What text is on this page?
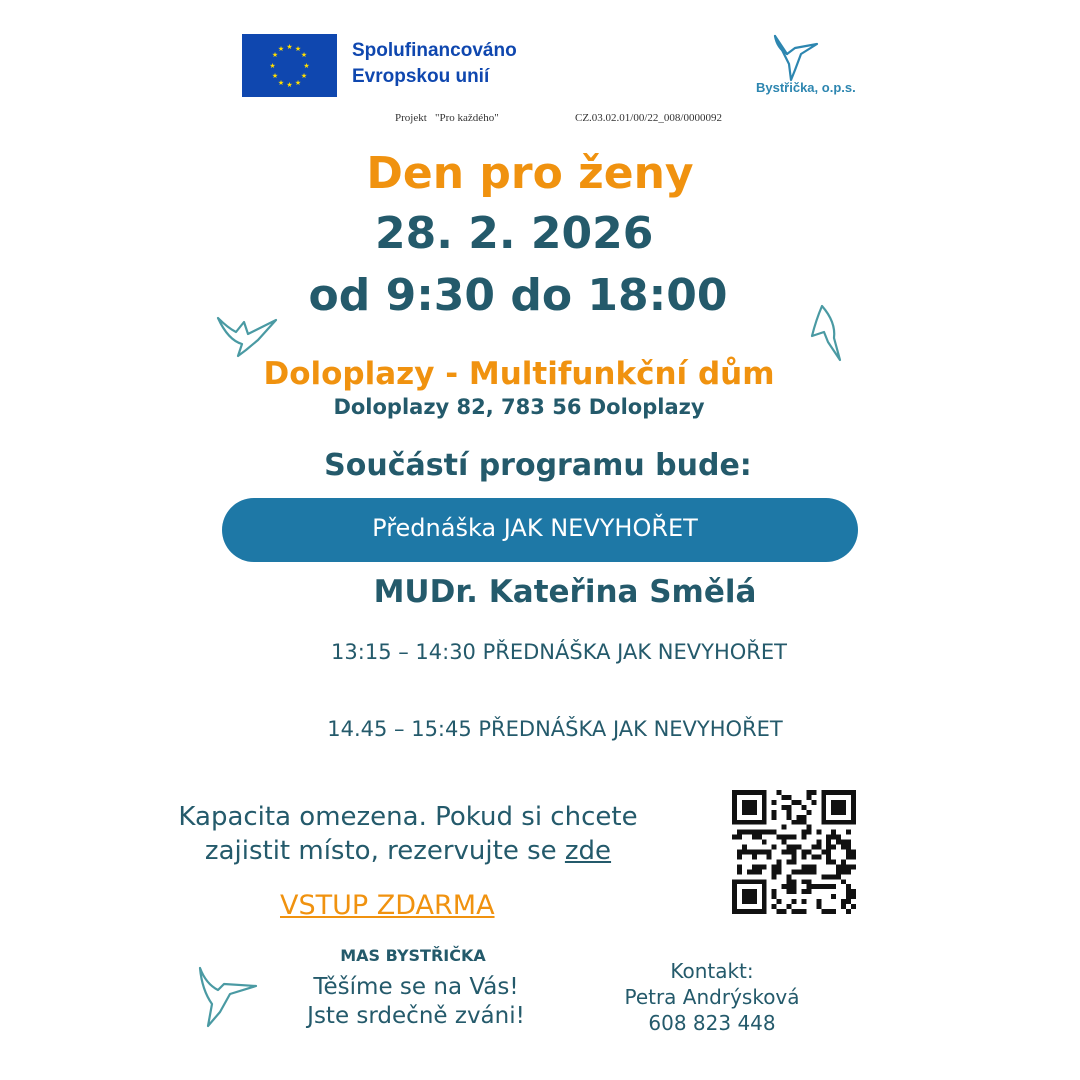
★ ★
★
★
★
★
★
★
★
★
★
★	Spolufinancováno
Evropskou unií
Bystřička, o.p.s.
Projekt   "Pro každého"	CZ.03.02.01/00/22_008/0000092
Den pro ženy
28. 2. 2026
od 9:30 do 18:00
Doloplazy - Multifunkční dům
Doloplazy 82, 783 56 Doloplazy
Součástí programu bude:
Přednáška JAK NEVYHOŘET
MUDr. Kateřina Smělá
13:15 – 14:30 PŘEDNÁŠKA JAK NEVYHOŘET
14.45 – 15:45 PŘEDNÁŠKA JAK NEVYHOŘET
Kapacita omezena. Pokud si chcete
zajistit místo, rezervujte se zde
VSTUP ZDARMA
MAS BYSTŘIČKA
Těšíme se na Vás!
Jste srdečně zváni!
Kontakt:
Petra Andrýsková
608 823 448
